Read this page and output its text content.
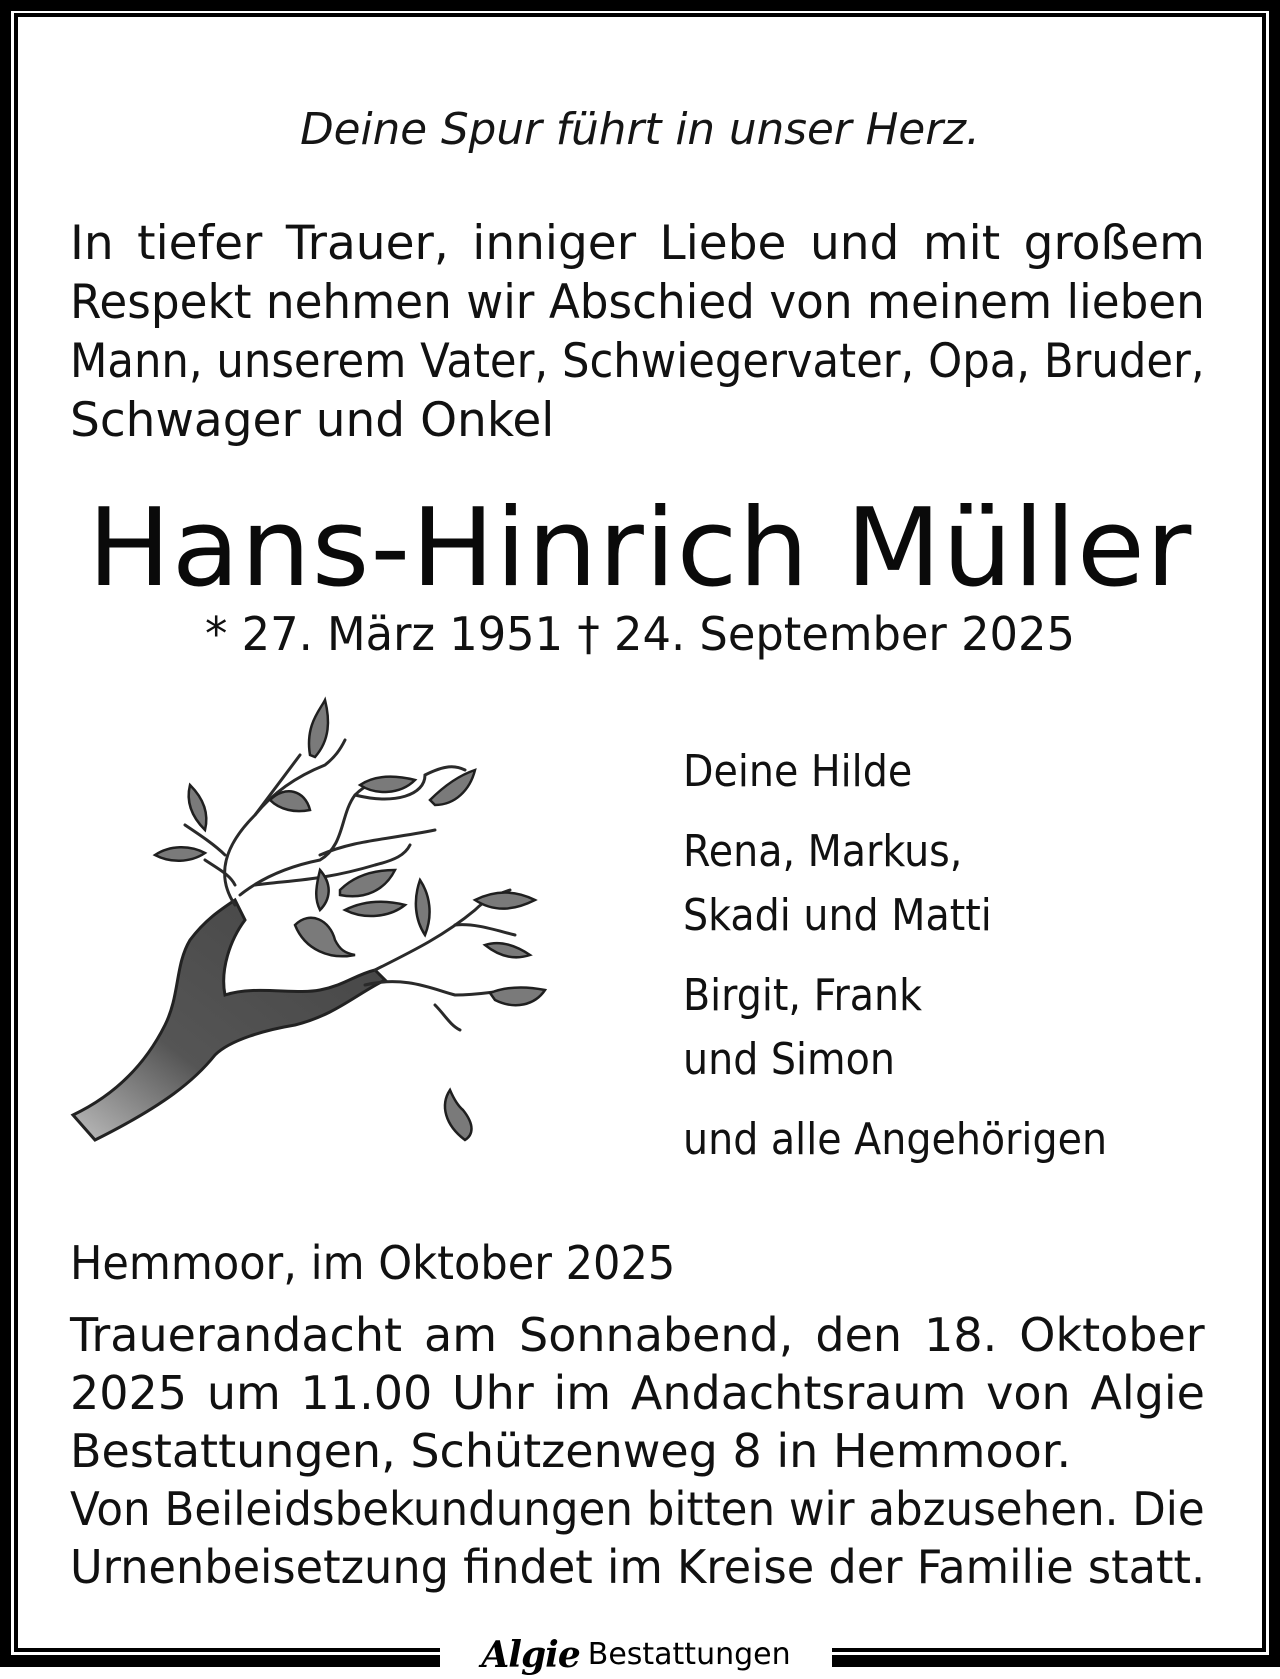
Deine Spur führt in unser Herz.
In tiefer Trauer, inniger Liebe und mit großem
Respekt nehmen wir Abschied von meinem lieben
Mann, unserem Vater, Schwiegervater, Opa, Bruder,
Schwager und Onkel
Hans-Hinrich Müller
* 27. März 1951 † 24. September 2025
Deine Hilde
Rena, Markus,
Skadi und Matti
Birgit, Frank
und Simon
und alle Angehörigen
Hemmoor, im Oktober 2025
Trauerandacht am Sonnabend, den 18. Oktober
2025 um 11.00 Uhr im Andachtsraum von Algie
Bestattungen, Schützenweg 8 in Hemmoor.
Von Beileidsbekundungen bitten wir abzusehen. Die
Urnenbeisetzung findet im Kreise der Familie statt.
Algie Bestattungen
